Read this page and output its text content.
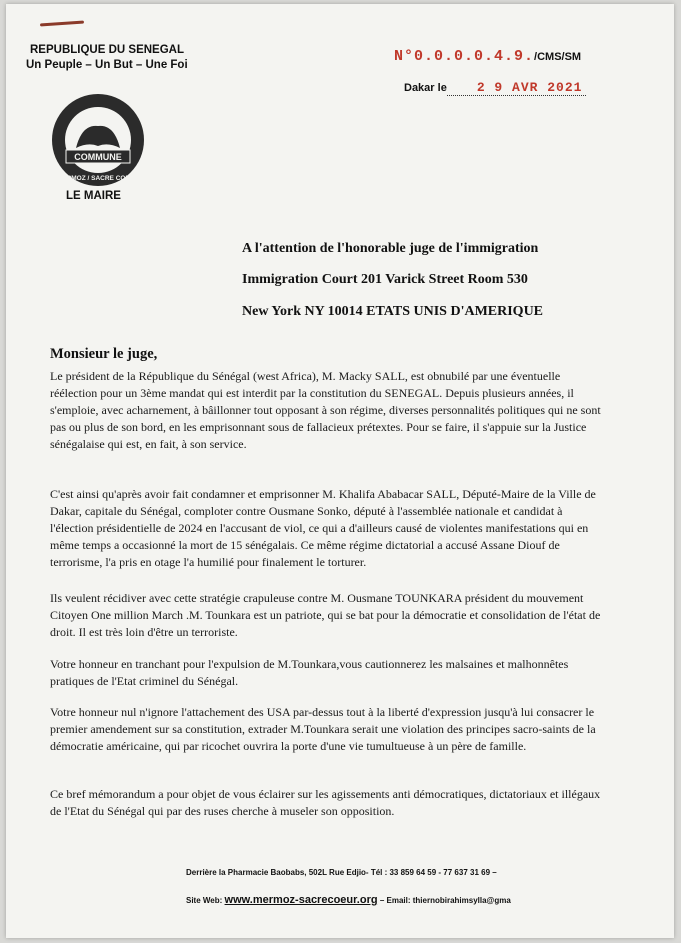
REPUBLIQUE DU SENEGAL
Un Peuple – Un But – Une Foi	N°0.0.0.0.4.9./CMS/SM
Dakar le 2 9 AVR 2021
COMMUNE
MERMOZ / SACRE COEUR
LE MAIRE
A l'attention de l'honorable juge de l'immigration
Immigration Court 201 Varick Street Room 530
New York NY 10014 ETATS UNIS D'AMERIQUE
Monsieur le juge,

Le président de la République du Sénégal (west Africa), M. Macky SALL, est obnubilé par une éventuelle réélection pour un 3ème mandat qui est interdit par la constitution du SENEGAL. Depuis plusieurs années, il s'emploie, avec acharnement, à bâillonner tout opposant à son régime, diverses personnalités politiques qui ne sont pas ou plus de son bord, en les emprisonnant sous de fallacieux prétextes. Pour se faire, il s'appuie sur la Justice sénégalaise qui est, en fait, à son service.

C'est ainsi qu'après avoir fait condamner et emprisonner M. Khalifa Ababacar SALL, Député-Maire de la Ville de Dakar, capitale du Sénégal, comploter contre Ousmane Sonko, député à l'assemblée nationale et candidat à l'élection présidentielle de 2024 en l'accusant de viol, ce qui a d'ailleurs causé de violentes manifestations qui en même temps a occasionné la mort de 15 sénégalais. Ce même régime dictatorial a accusé Assane Diouf de terrorisme, l'a pris en otage l'a humilié pour finalement le torturer.

Ils veulent récidiver avec cette stratégie crapuleuse contre M. Ousmane TOUNKARA président du mouvement Citoyen One million March .M. Tounkara est un patriote, qui se bat pour la démocratie et consolidation de l'état de droit. Il est très loin d'être un terroriste.

Votre honneur en tranchant pour l'expulsion de M.Tounkara,vous cautionnerez les malsaines et malhonnêtes pratiques de l'Etat criminel du Sénégal.

Votre honneur nul n'ignore l'attachement des USA par-dessus tout à la liberté d'expression jusqu'à lui consacrer le premier amendement sur sa constitution, extrader M.Tounkara serait une violation des principes sacro-saints de la démocratie américaine, qui par ricochet ouvrira la porte d'une vie tumultueuse à un père de famille.

Ce bref mémorandum a pour objet de vous éclairer sur les agissements anti démocratiques, dictatoriaux et illégaux de l'Etat du Sénégal qui par des ruses cherche à museler son opposition.

Derrière la Pharmacie Baobabs, 502L Rue Edjio- Tél : 33 859 64 59 - 77 637 31 69 –
Site Web: www.mermoz-sacrecoeur.org – Email: thiernobirahimsylla@gma
